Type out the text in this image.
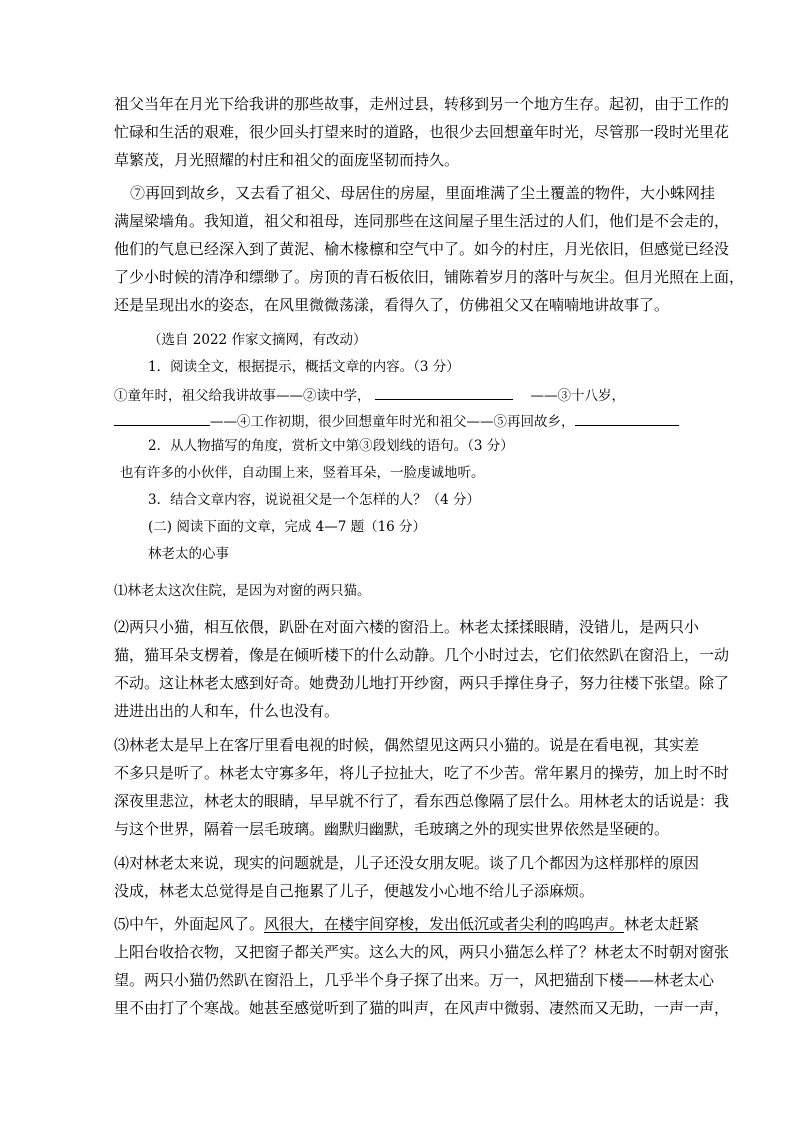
祖父当年在月光下给我讲的那些故事，走州过县，转移到另一个地方生存。起初，由于工作的
忙碌和生活的艰难，很少回头打望来时的道路，也很少去回想童年时光，尽管那一段时光里花
草繁茂，月光照耀的村庄和祖父的面庞坚韧而持久。
⑦再回到故乡，又去看了祖父、母居住的房屋，里面堆满了尘土覆盖的物件，大小蛛网挂
满屋梁墙角。我知道，祖父和祖母，连同那些在这间屋子里生活过的人们，他们是不会走的，
他们的气息已经深入到了黄泥、榆木椽檩和空气中了。如今的村庄，月光依旧，但感觉已经没
了少小时候的清净和缥缈了。房顶的青石板依旧，铺陈着岁月的落叶与灰尘。但月光照在上面，
还是呈现出水的姿态，在风里微微荡漾，看得久了，仿佛祖父又在喃喃地讲故事了。
（选自 2022 作家文摘网，有改动）
1．阅读全文，根据提示，概括文章的内容。（3 分）
①童年时，祖父给我讲故事——②读中学，	——③十八岁，
——④工作初期，很少回想童年时光和祖父——⑤再回故乡，
2．从人物描写的角度，赏析文中第③段划线的语句。（3 分）
也有许多的小伙伴，自动围上来，竖着耳朵，一脸虔诚地听。
3．结合文章内容，说说祖父是一个怎样的人？（4 分）
(二) 阅读下面的文章，完成 4—7 题（16 分）
林老太的心事
⑴林老太这次住院，是因为对窗的两只猫。
⑵两只小猫，相互依偎，趴卧在对面六楼的窗沿上。林老太揉揉眼睛，没错儿，是两只小
猫，猫耳朵支楞着，像是在倾听楼下的什么动静。几个小时过去，它们依然趴在窗沿上，一动
不动。这让林老太感到好奇。她费劲儿地打开纱窗，两只手撑住身子，努力往楼下张望。除了
进进出出的人和车，什么也没有。
⑶林老太是早上在客厅里看电视的时候，偶然望见这两只小猫的。说是在看电视，其实差
不多只是听了。林老太守寡多年，将儿子拉扯大，吃了不少苦。常年累月的操劳，加上时不时
深夜里悲泣，林老太的眼睛，早早就不行了，看东西总像隔了层什么。用林老太的话说是：我
与这个世界，隔着一层毛玻璃。幽默归幽默，毛玻璃之外的现实世界依然是坚硬的。
⑷对林老太来说，现实的问题就是，儿子还没女朋友呢。谈了几个都因为这样那样的原因
没成，林老太总觉得是自己拖累了儿子，便越发小心地不给儿子添麻烦。
⑸中午，外面起风了。风很大，在楼宇间穿梭，发出低沉或者尖利的呜呜声。林老太赶紧
上阳台收拾衣物，又把窗子都关严实。这么大的风，两只小猫怎么样了？林老太不时朝对窗张
望。两只小猫仍然趴在窗沿上，几乎半个身子探了出来。万一，风把猫刮下楼——林老太心
里不由打了个寒战。她甚至感觉听到了猫的叫声，在风声中微弱、凄然而又无助，一声一声，
